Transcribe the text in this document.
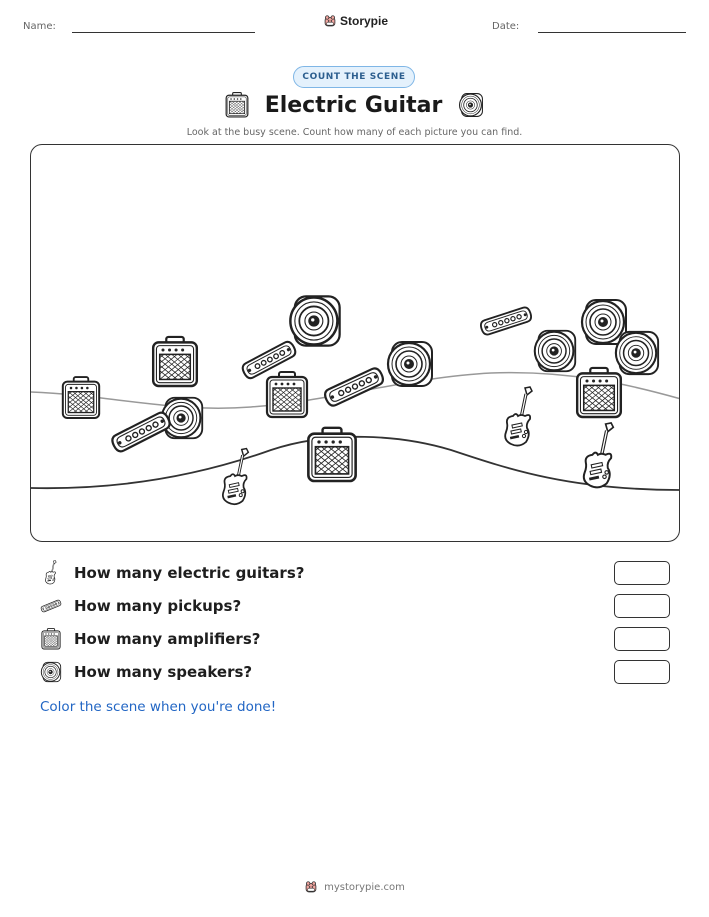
Name:	Storypie	Date:
COUNT THE SCENE
Electric Guitar
Look at the busy scene. Count how many of each picture you can find.
How many electric guitars?
How many pickups?
How many amplifiers?
How many speakers?
Color the scene when you're done!
mystorypie.com
